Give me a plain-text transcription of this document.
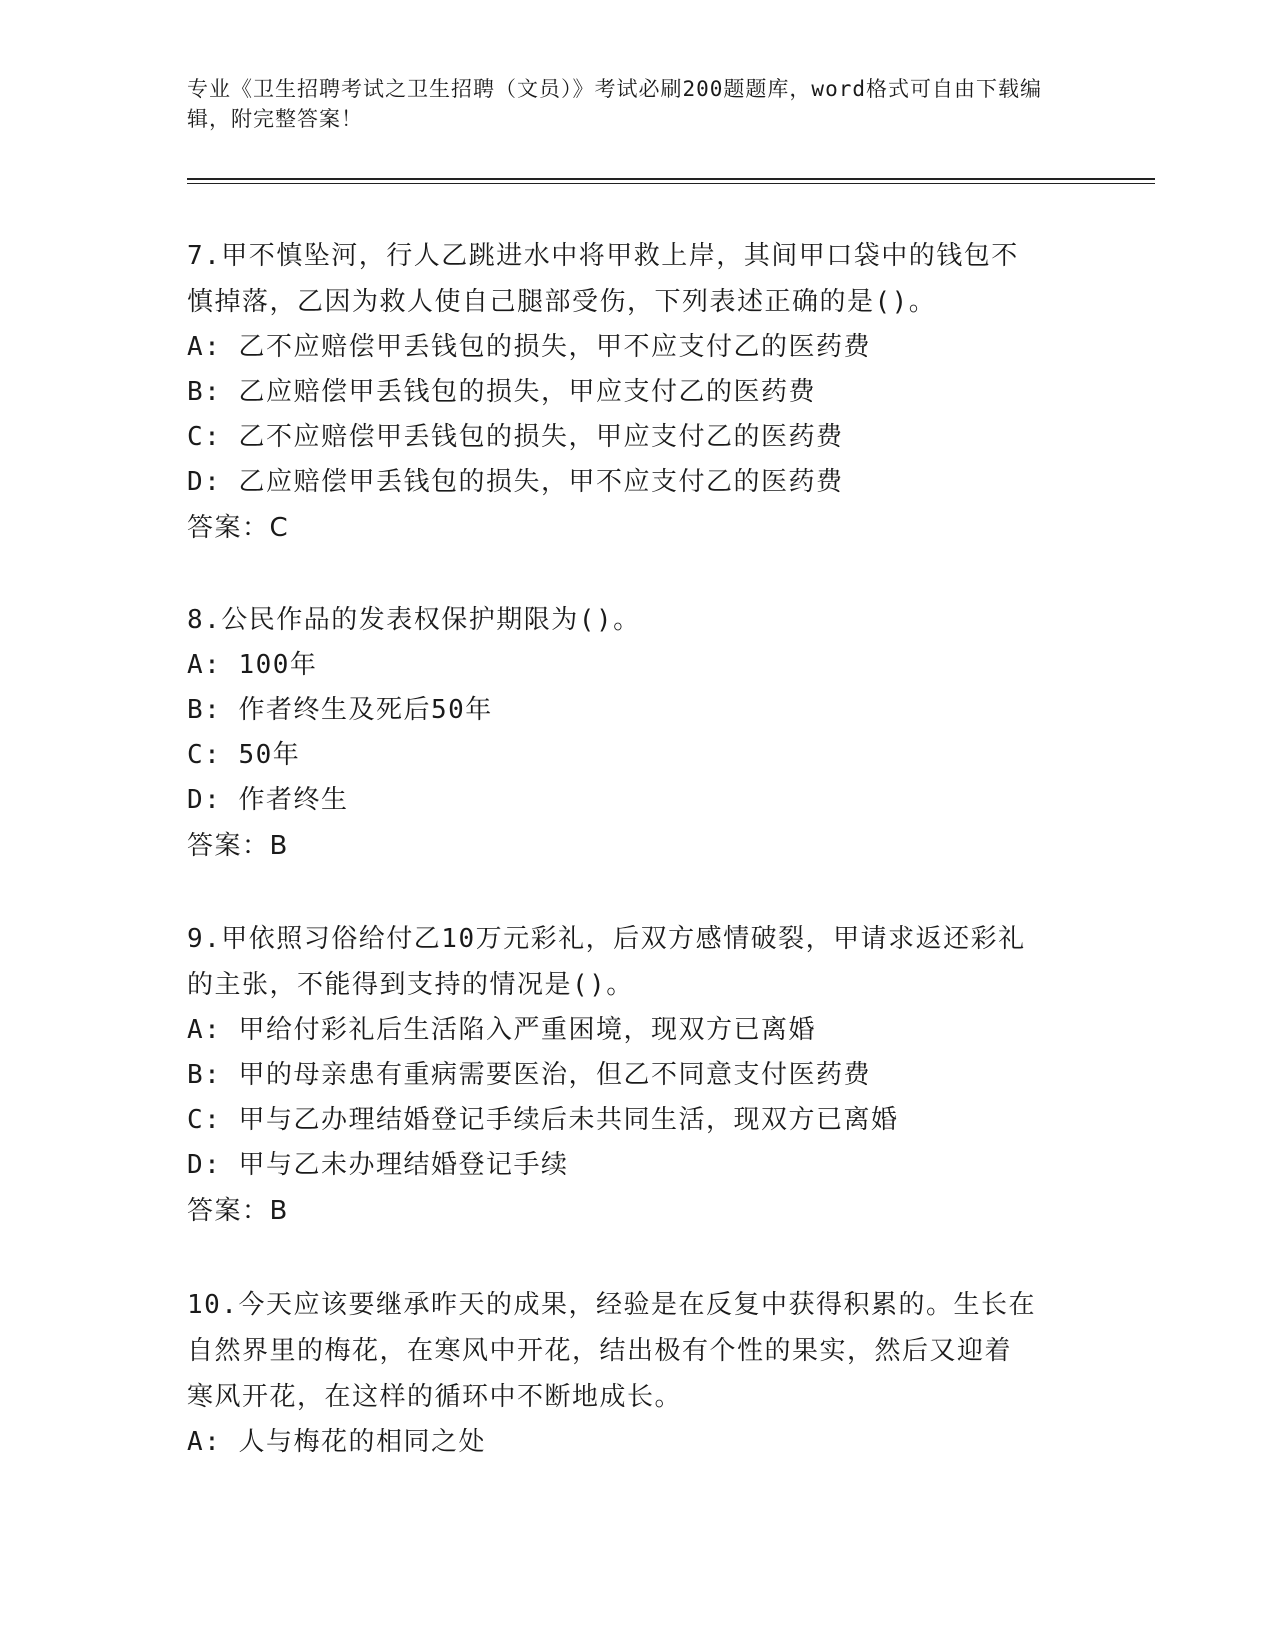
专业《卫生招聘考试之卫生招聘（文员）》考试必刷200题题库，word格式可自由下载编辑，附完整答案！

7.甲不慎坠河，行人乙跳进水中将甲救上岸，其间甲口袋中的钱包不

慎掉落，乙因为救人使自己腿部受伤，下列表述正确的是()。

A: 乙不应赔偿甲丢钱包的损失，甲不应支付乙的医药费

B: 乙应赔偿甲丢钱包的损失，甲应支付乙的医药费

C: 乙不应赔偿甲丢钱包的损失，甲应支付乙的医药费

D: 乙应赔偿甲丢钱包的损失，甲不应支付乙的医药费

答案：C

8.公民作品的发表权保护期限为()。

A: 100年

B: 作者终生及死后50年

C: 50年

D: 作者终生

答案：B

9.甲依照习俗给付乙10万元彩礼，后双方感情破裂，甲请求返还彩礼

的主张，不能得到支持的情况是()。

A: 甲给付彩礼后生活陷入严重困境，现双方已离婚

B: 甲的母亲患有重病需要医治，但乙不同意支付医药费

C: 甲与乙办理结婚登记手续后未共同生活，现双方已离婚

D: 甲与乙未办理结婚登记手续

答案：B

10.今天应该要继承昨天的成果，经验是在反复中获得积累的。生长在

自然界里的梅花，在寒风中开花，结出极有个性的果实，然后又迎着

寒风开花，在这样的循环中不断地成长。

A: 人与梅花的相同之处
